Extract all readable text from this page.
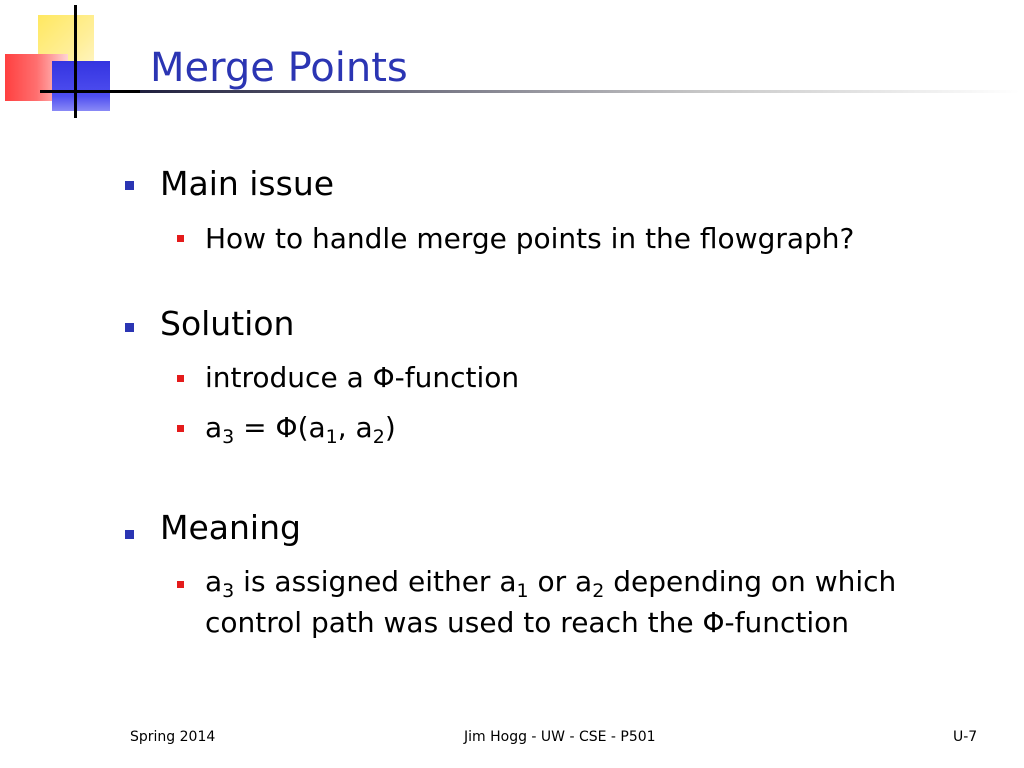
Merge Points
Main issue
How to handle merge points in the flowgraph?
Solution
introduce a Φ-function
$a_3 = \Phi(a_1$, $a_2$)
Meaning
$a_3$ is assigned either $a_1$ or $a_2$ depending on which control path was used to reach the Φ-function
Spring 2014	Jim Hogg - UW - CSE - P501	U-7
